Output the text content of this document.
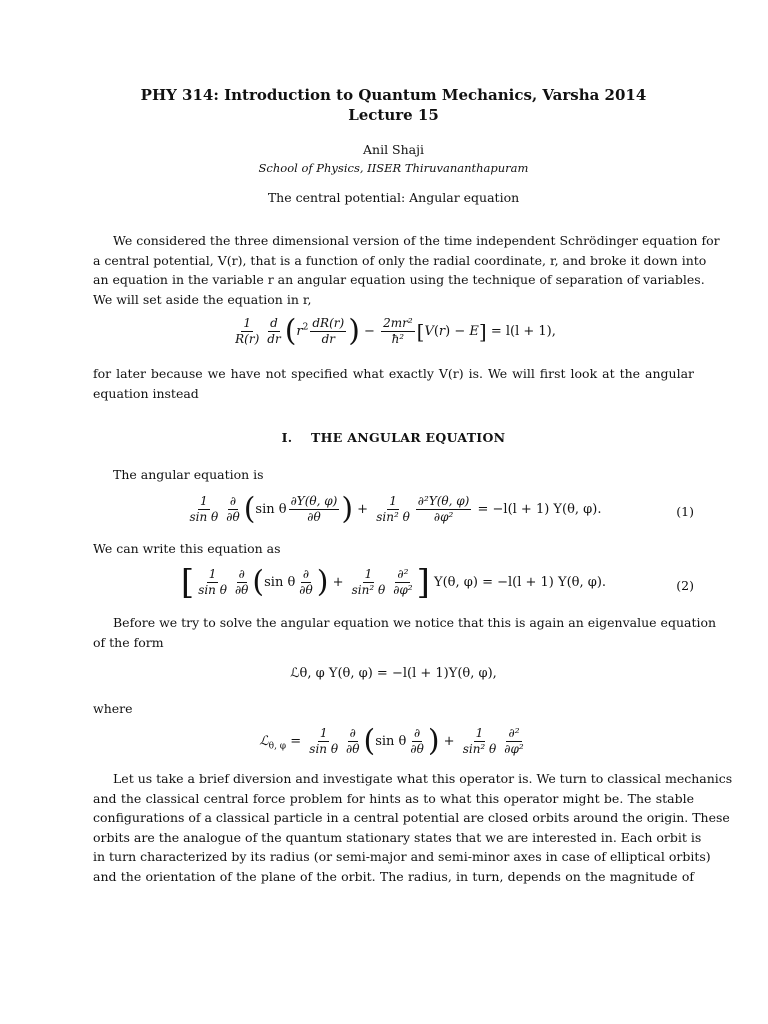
PHY 314: Introduction to Quantum Mechanics, Varsha 2014
Lecture 15
Anil Shaji
School of Physics, IISER Thiruvananthapuram
The central potential: Angular equation
We considered the three dimensional version of the time independent Schrödinger equation for
a central potential, V(r), that is a function of only the radial coordinate, r, and broke it down into
an equation in the variable r an angular equation using the technique of separation of variables.
We will set aside the equation in r,
$\frac{1}{R(r)} \frac{d}{dr} (r^2 \frac{dR(r)}{dr}$ ) − $\frac{\text{2mr²}}{\text{ħ²}} [V(r) - E] = l(l + 1)$,
for later because we have not specified what exactly V(r) is. We will first look at the angular
equation instead
I. THE ANGULAR EQUATION
The angular equation is
$\frac{1}{\text{sin θ}} \frac{\partial}{\partial\theta} (\sin$ θ $\frac{\partial Y(\theta, \varphi)}{\partial\theta}$ ) + $\frac{1}{\text{sin² θ}} \frac{\text{∂²Y(θ, φ)}}{\text{∂φ²}} = -l(l + 1)$ Y(θ, φ).	(1)
We can write this equation as
[ $\frac{1}{\text{sin θ}} \frac{\partial}{\partial\theta} (\sin$ θ $\frac{\partial}{\partial\theta}$ ) + $\frac{1}{\text{sin² θ}} \frac{\text{∂²}}{\text{∂φ²}}$ ] Y(θ, φ) = −l(l + 1) Y(θ, φ).	(2)
Before we try to solve the angular equation we notice that this is again an eigenvalue equation
of the form
ℒθ, φ Y(θ, φ) = −l(l + 1)Y(θ, φ),
where
ℒ$_{\theta, \varphi}$ = $\frac{1}{\text{sin θ}} \frac{\partial}{\partial\theta} (\sin$ θ $\frac{\partial}{\partial\theta}$ ) + $\frac{1}{\text{sin² θ}} \frac{\text{∂²}}{\text{∂φ²}}$
Let us take a brief diversion and investigate what this operator is. We turn to classical mechanics
and the classical central force problem for hints as to what this operator might be. The stable
configurations of a classical particle in a central potential are closed orbits around the origin. These
orbits are the analogue of the quantum stationary states that we are interested in. Each orbit is
in turn characterized by its radius (or semi-major and semi-minor axes in case of elliptical orbits)
and the orientation of the plane of the orbit. The radius, in turn, depends on the magnitude of
